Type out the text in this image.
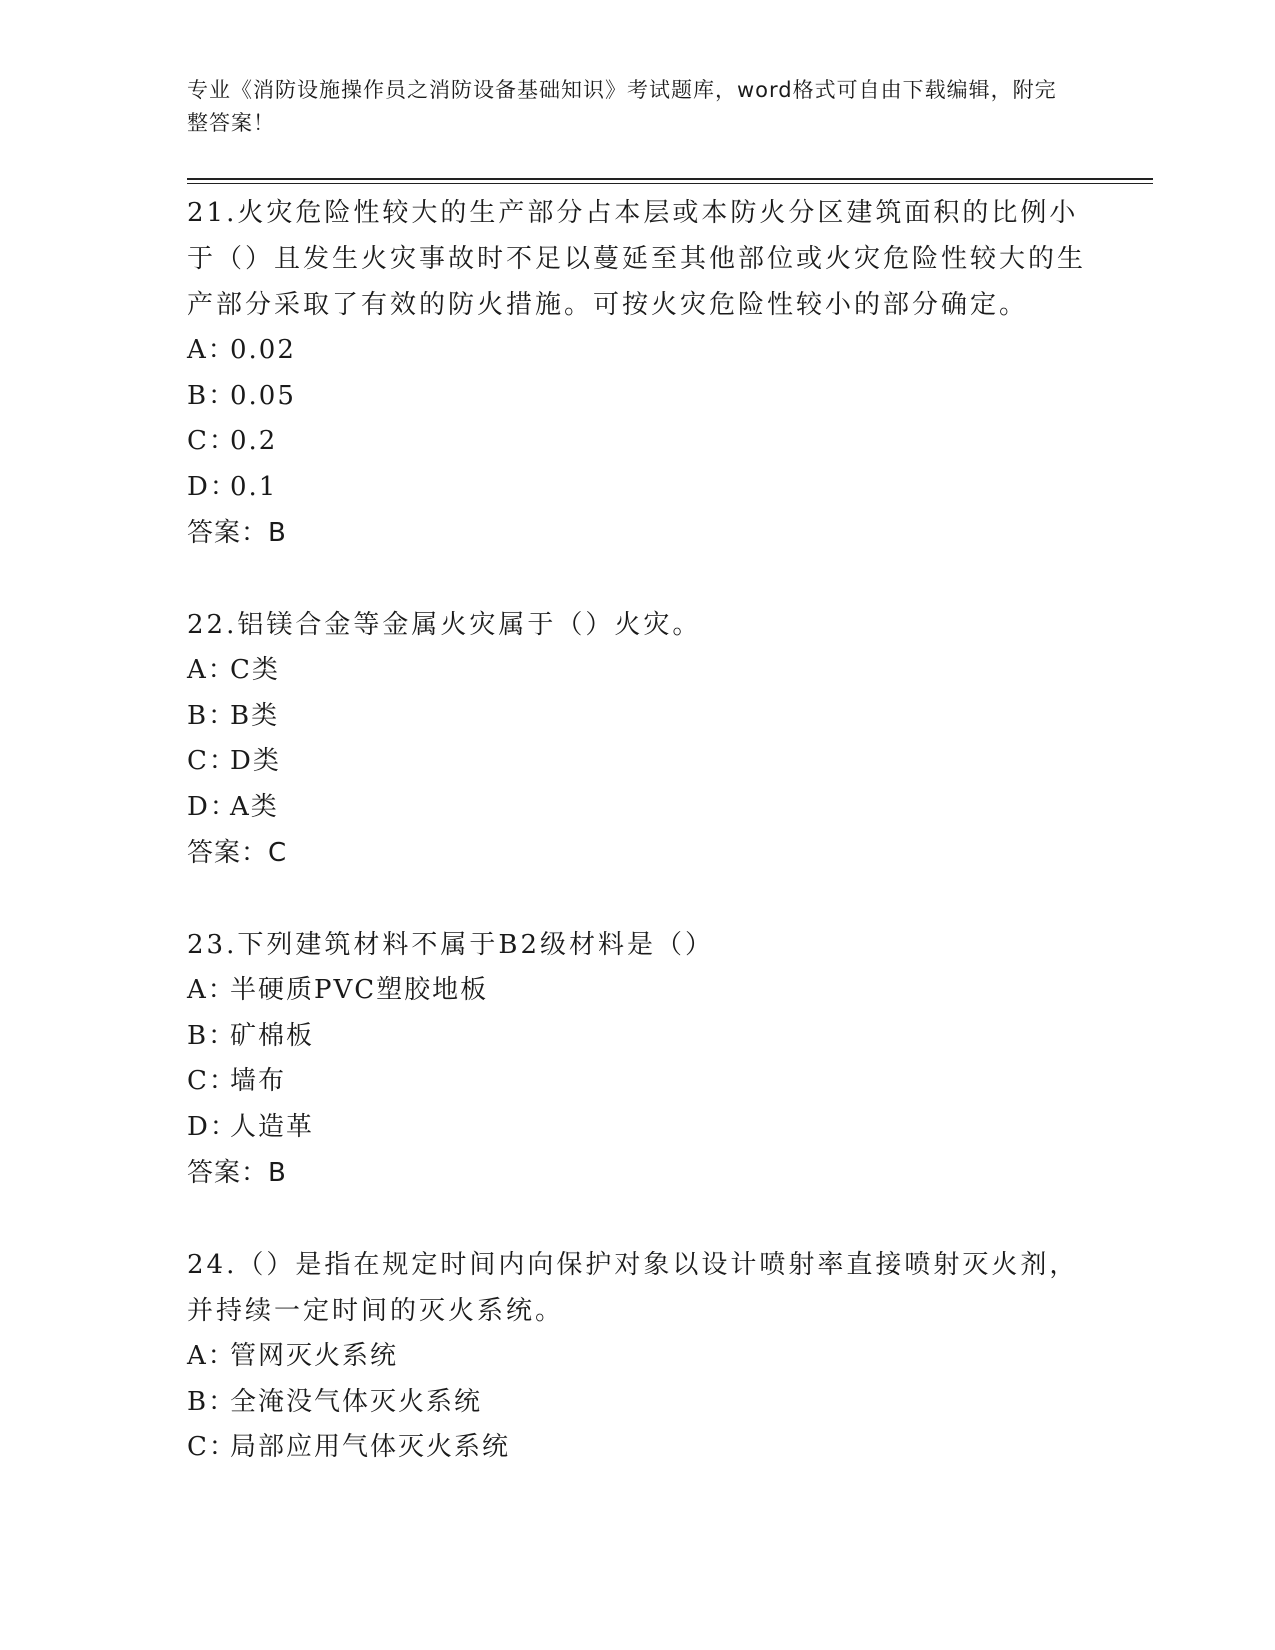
专业《消防设施操作员之消防设备基础知识》考试题库，word格式可自由下载编辑，附完整答案！
21.火灾危险性较大的生产部分占本层或本防火分区建筑面积的比例小于（）且发生火灾事故时不足以蔓延至其他部位或火灾危险性较大的生产部分采取了有效的防火措施。可按火灾危险性较小的部分确定。
A：0.02
B：0.05
C：0.2
D：0.1
答案：B
22.铝镁合金等金属火灾属于（）火灾。
A：C类
B：B类
C：D类
D：A类
答案：C
23.下列建筑材料不属于B2级材料是（）
A：半硬质PVC塑胶地板
B：矿棉板
C：墙布
D：人造革
答案：B
24.（）是指在规定时间内向保护对象以设计喷射率直接喷射灭火剂，并持续一定时间的灭火系统。
A：管网灭火系统
B：全淹没气体灭火系统
C：局部应用气体灭火系统
